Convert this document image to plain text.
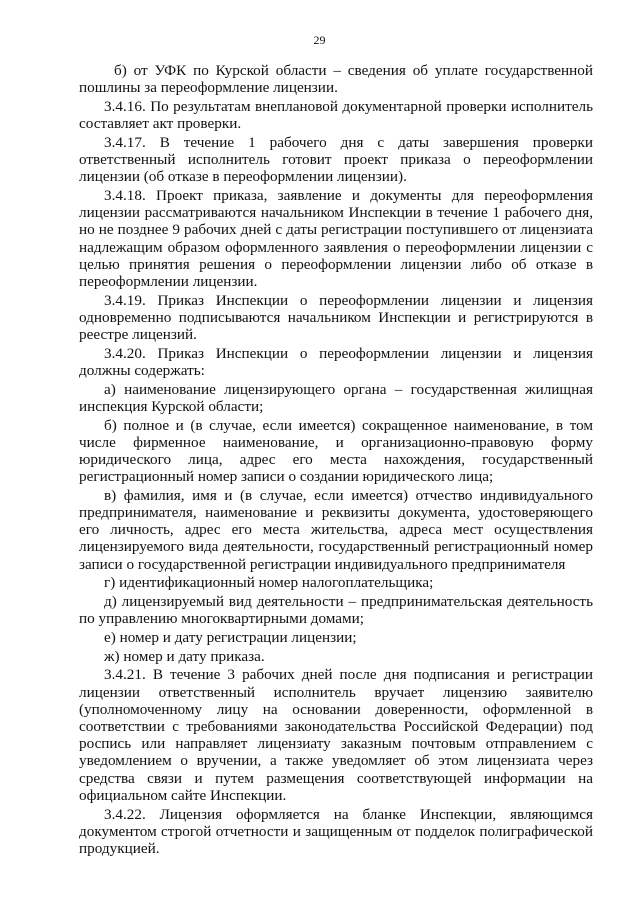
29

б) от УФК по Курской области – сведения об уплате государственной пошлины за переоформление лицензии.

3.4.16. По результатам внеплановой документарной проверки исполнитель составляет акт проверки.

3.4.17. В течение 1 рабочего дня с даты завершения проверки ответственный исполнитель готовит проект приказа о переоформлении лицензии (об отказе в переоформлении лицензии).

3.4.18. Проект приказа, заявление и документы для переоформления лицензии рассматриваются начальником Инспекции в течение 1 рабочего дня, но не позднее 9 рабочих дней с даты регистрации поступившего от лицензиата надлежащим образом оформленного заявления о переоформлении лицензии с целью принятия решения о переоформлении лицензии либо об отказе в переоформлении лицензии.

3.4.19. Приказ Инспекции о переоформлении лицензии и лицензия одновременно подписываются начальником Инспекции и регистрируются в реестре лицензий.

3.4.20. Приказ Инспекции о переоформлении лицензии и лицензия должны содержать:

а) наименование лицензирующего органа – государственная жилищная инспекция Курской области;

б) полное и (в случае, если имеется) сокращенное наименование, в том числе фирменное наименование, и организационно-правовую форму юридического лица, адрес его места нахождения, государственный регистрационный номер записи о создании юридического лица;

в) фамилия, имя и (в случае, если имеется) отчество индивидуального предпринимателя, наименование и реквизиты документа, удостоверяющего его личность, адрес его места жительства, адреса мест осуществления лицензируемого вида деятельности, государственный регистрационный номер записи о государственной регистрации индивидуального предпринимателя

г) идентификационный номер налогоплательщика;

д) лицензируемый вид деятельности – предпринимательская деятельность по управлению многоквартирными домами;

е) номер и дату регистрации лицензии;

ж) номер и дату приказа.

3.4.21. В течение 3 рабочих дней после дня подписания и регистрации лицензии ответственный исполнитель вручает лицензию заявителю (уполномоченному лицу на основании доверенности, оформленной в соответствии с требованиями законодательства Российской Федерации) под роспись или направляет лицензиату заказным почтовым отправлением с уведомлением о вручении, а также уведомляет об этом лицензиата через средства связи и путем размещения соответствующей информации на официальном сайте Инспекции.

3.4.22. Лицензия оформляется на бланке Инспекции, являющимся документом строгой отчетности и защищенным от подделок полиграфической продукцией.
